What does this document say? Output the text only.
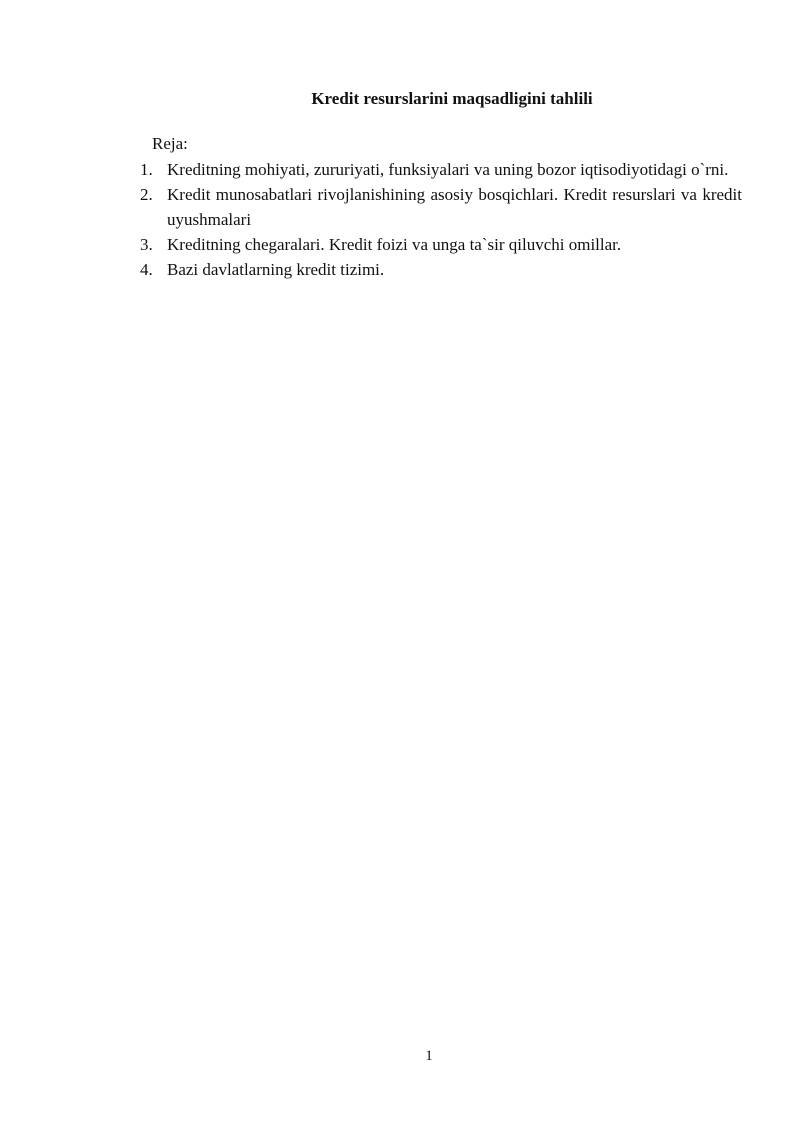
Kredit resurslarini maqsadligini tahlili
Reja:
1. Kreditning mohiyati, zururiyati, funksiyalari va uning bozor iqtisodiyotidagi o`rni.
2. Kredit munosabatlari rivojlanishining asosiy bosqichlari. Kredit resurslari va kredit uyushmalari
3. Kreditning chegaralari. Kredit foizi va unga ta`sir qiluvchi omillar.
4. Bazi davlatlarning kredit tizimi.
1
